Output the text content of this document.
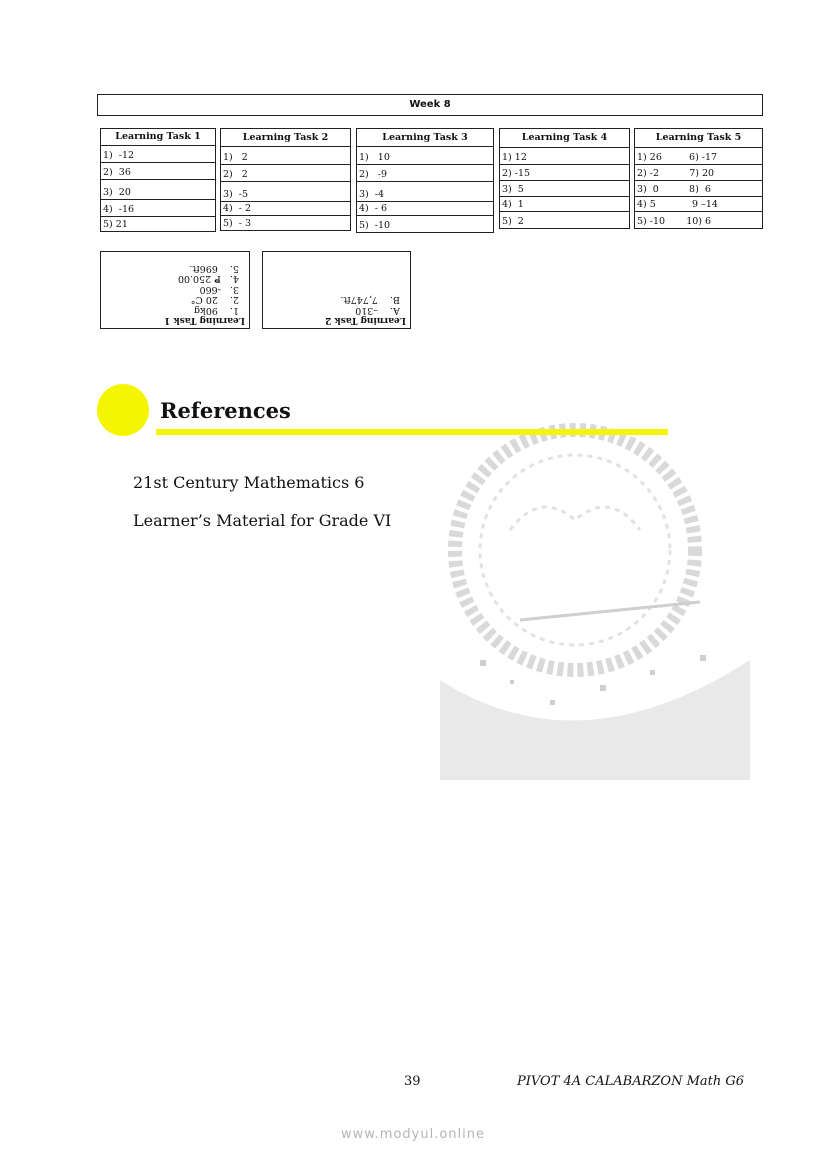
Week 8
Learning Task 1
1)  -12
2)  36
3)  20
4)  -16
5) 21
Learning Task 2
1)   2
2)   2
3)  -5
4)  - 2
5)  - 3
Learning Task 3
1)   10
2)   -9
3)  -4
4)  - 6
5)  -10
Learning Task 4
1) 12
2) -15
3)  5
4)  1
5)  2
Learning Task 5
1) 26         6) -17
2) -2          7) 20
3)  0          8)  6
4) 5            9 –14
5) -10       10) 6
Learning Task 1
1.    90kg
2.    20 C°
3.   -660
4.   ₱ 250.00
5.    696ft.
Learning Task 2
A.    –310
B.    7,747ft.
References
21st Century Mathematics 6
Learner’s Material for Grade VI
39	PIVOT 4A CALABARZON Math G6
www.modyul.online
